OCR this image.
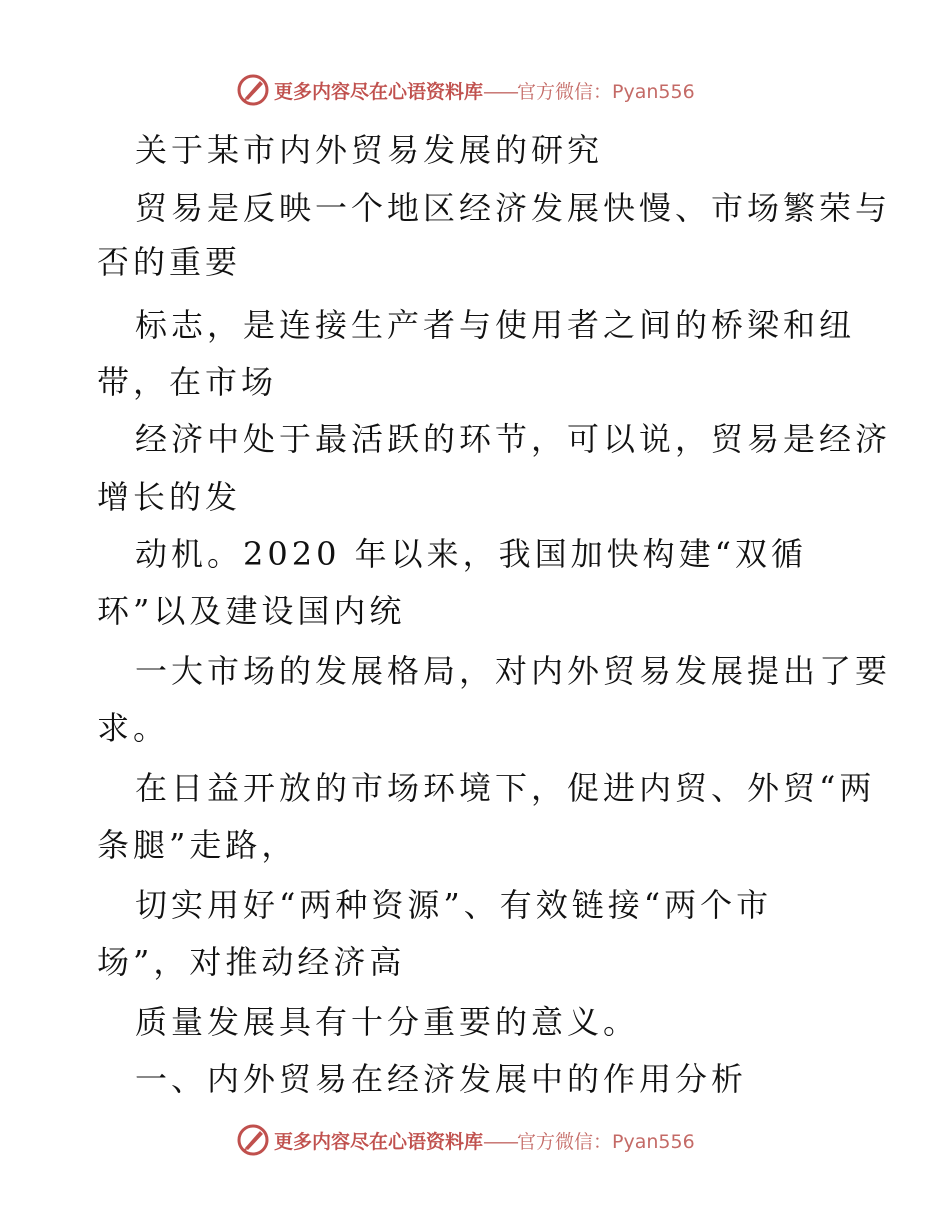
更多内容尽在心语资料库——官方微信：Pyan556
关于某市内外贸易发展的研究
贸易是反映一个地区经济发展快慢、市场繁荣与
否的重要
标志，是连接生产者与使用者之间的桥梁和纽
带，在市场
经济中处于最活跃的环节，可以说，贸易是经济
增长的发
动机。2020 年以来，我国加快构建“双循
环”以及建设国内统
一大市场的发展格局，对内外贸易发展提出了要
求。
在日益开放的市场环境下，促进内贸、外贸“两
条腿”走路，
切实用好“两种资源”、有效链接“两个市
场”，对推动经济高
质量发展具有十分重要的意义。
一、内外贸易在经济发展中的作用分析
更多内容尽在心语资料库——官方微信：Pyan556
